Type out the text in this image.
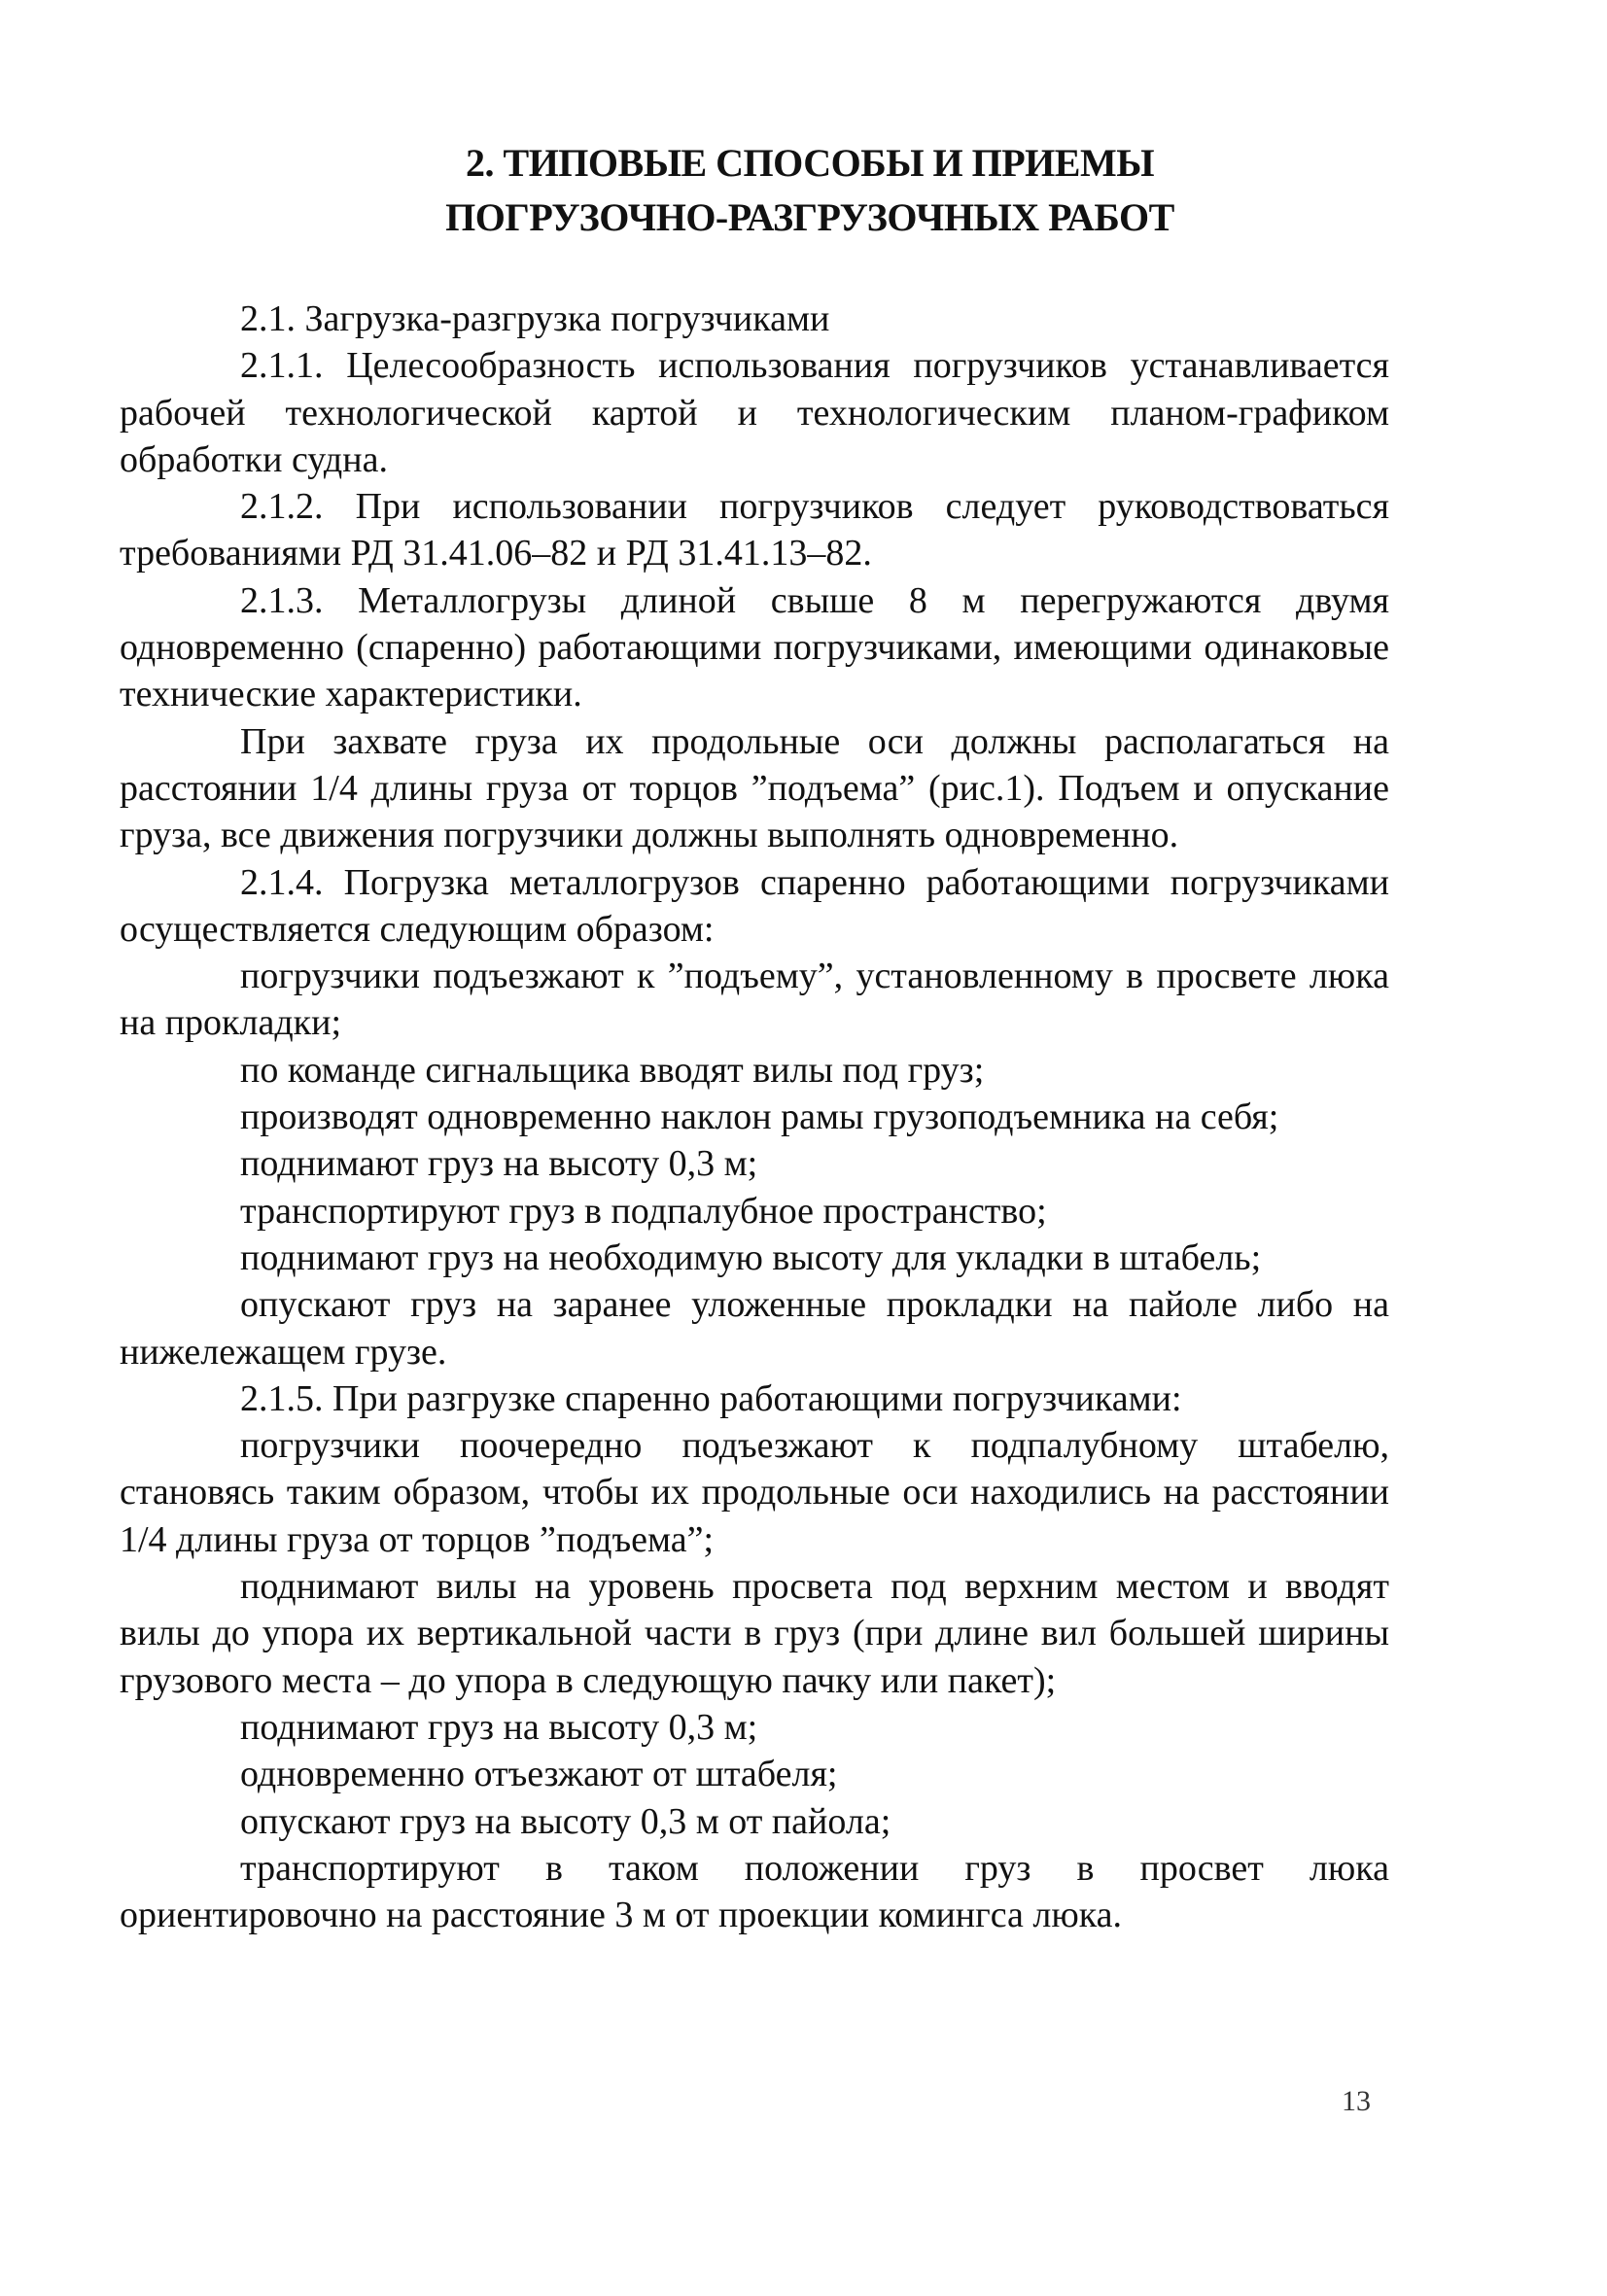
2. ТИПОВЫЕ СПОСОБЫ И ПРИЕМЫ
ПОГРУЗОЧНО-РАЗГРУЗОЧНЫХ РАБОТ
2.1. Загрузка-разгрузка погрузчиками
2.1.1. Целесообразность использования погрузчиков устанавливается рабочей технологической картой и технологическим планом-графиком обработки судна.
2.1.2. При использовании погрузчиков следует руководствоваться требованиями РД 31.41.06–82 и РД 31.41.13–82.
2.1.3. Металлогрузы длиной свыше 8 м перегружаются двумя одновременно (спаренно) работающими погрузчиками, имеющими одинаковые технические характеристики.
При захвате груза их продольные оси должны располагаться на расстоянии 1/4 длины груза от торцов ”подъема” (рис.1). Подъем и опускание груза, все движения погрузчики должны выполнять одновременно.
2.1.4. Погрузка металлогрузов спаренно работающими погрузчиками осуществляется следующим образом:
погрузчики подъезжают к ”подъему”, установленному в просвете люка на прокладки;
по команде сигнальщика вводят вилы под груз;
производят одновременно наклон рамы грузоподъемника на себя;
поднимают груз на высоту 0,3 м;
транспортируют груз в подпалубное пространство;
поднимают груз на необходимую высоту для укладки в штабель;
опускают груз на заранее уложенные прокладки на пайоле либо на нижележащем грузе.
2.1.5. При разгрузке спаренно работающими погрузчиками:
погрузчики поочередно подъезжают к подпалубному штабелю, становясь таким образом, чтобы их продольные оси находились на расстоянии 1/4 длины груза от торцов ”подъема”;
поднимают вилы на уровень просвета под верхним местом и вводят вилы до упора их вертикальной части в груз (при длине вил большей ширины грузового места – до упора в следующую пачку или пакет);
поднимают груз на высоту 0,3 м;
одновременно отъезжают от штабеля;
опускают груз на высоту 0,3 м от пайола;
транспортируют в таком положении груз в просвет люка ориентировочно на расстояние 3 м от проекции комингса люка.
13
